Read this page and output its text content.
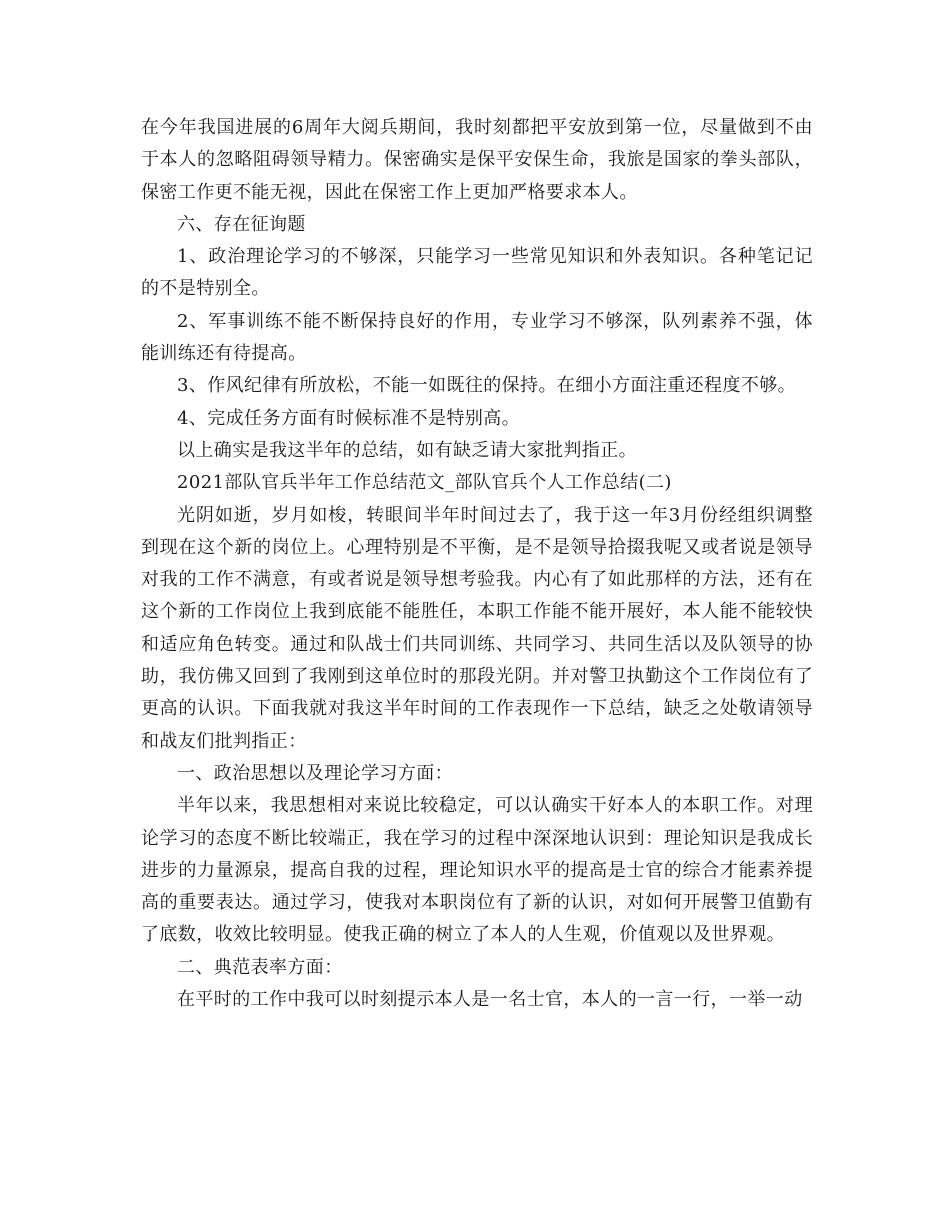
在今年我国进展的6周年大阅兵期间，我时刻都把平安放到第一位，尽量做到不由于本人的忽略阻碍领导精力。保密确实是保平安保生命，我旅是国家的拳头部队，保密工作更不能无视，因此在保密工作上更加严格要求本人。

六、存在征询题

1、政治理论学习的不够深，只能学习一些常见知识和外表知识。各种笔记记的不是特别全。

2、军事训练不能不断保持良好的作用，专业学习不够深，队列素养不强，体能训练还有待提高。

3、作风纪律有所放松，不能一如既往的保持。在细小方面注重还程度不够。

4、完成任务方面有时候标准不是特别高。

以上确实是我这半年的总结，如有缺乏请大家批判指正。

2021部队官兵半年工作总结范文_部队官兵个人工作总结(二)

光阴如逝，岁月如梭，转眼间半年时间过去了，我于这一年3月份经组织调整到现在这个新的岗位上。心理特别是不平衡，是不是领导拾掇我呢又或者说是领导对我的工作不满意，有或者说是领导想考验我。内心有了如此那样的方法，还有在这个新的工作岗位上我到底能不能胜任，本职工作能不能开展好，本人能不能较快和适应角色转变。通过和队战士们共同训练、共同学习、共同生活以及队领导的协助，我仿佛又回到了我刚到这单位时的那段光阴。并对警卫执勤这个工作岗位有了更高的认识。下面我就对我这半年时间的工作表现作一下总结，缺乏之处敬请领导和战友们批判指正：

一、政治思想以及理论学习方面：

半年以来，我思想相对来说比较稳定，可以认确实干好本人的本职工作。对理论学习的态度不断比较端正，我在学习的过程中深深地认识到：理论知识是我成长进步的力量源泉，提高自我的过程，理论知识水平的提高是士官的综合才能素养提高的重要表达。通过学习，使我对本职岗位有了新的认识，对如何开展警卫值勤有了底数，收效比较明显。使我正确的树立了本人的人生观，价值观以及世界观。

二、典范表率方面：

在平时的工作中我可以时刻提示本人是一名士官，本人的一言一行，一举一动
